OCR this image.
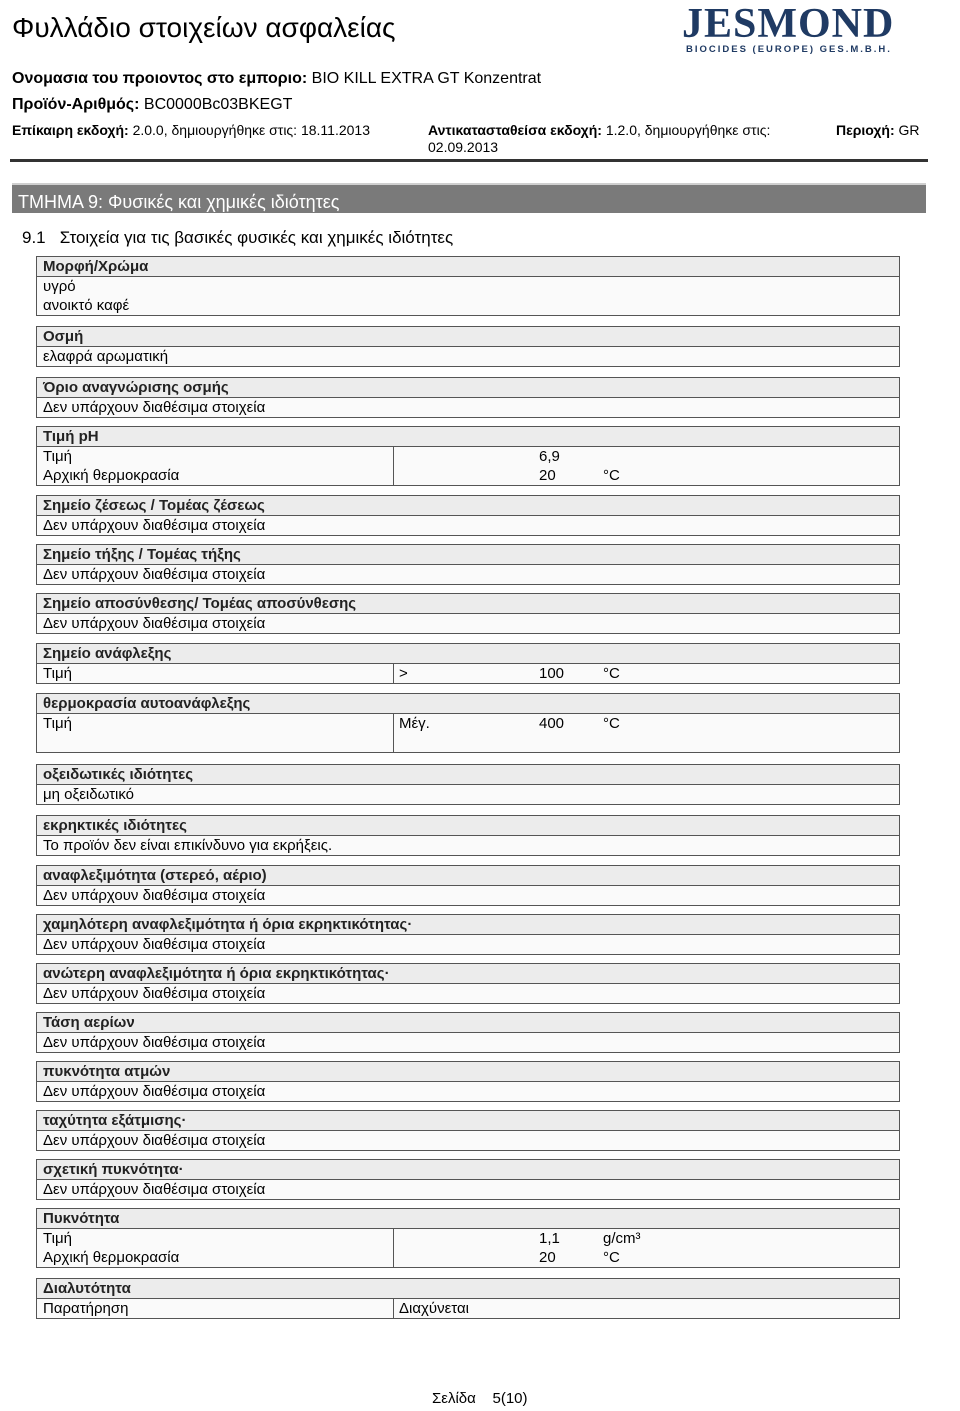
Φυλλάδιο στοιχείων ασφαλείας	JESMOND
BIOCIDES (EUROPE) GES.M.B.H.
Ονομασια του προιοντος στο εμποριο: BIO KILL EXTRA GT Konzentrat
Προϊόν-Αριθμός: BC0000Bc03BKEGT
Επίκαιρη εκδοχή: 2.0.0, δημιουργήθηκε στις: 18.11.2013	Αντικατασταθείσα εκδοχή: 1.2.0, δημιουργήθηκε στις:
02.09.2013
Περιοχή: GR
ΤΜΗΜΑ 9: Φυσικές και χημικές ιδιότητες
9.1   Στοιχεία για τις βασικές φυσικές και χημικές ιδιότητες
Μορφή/Χρώμα
υγρό
ανοικτό καφέ
Οσμή
ελαφρά αρωματική
Όριο αναγνώρισης οσμής
Δεν υπάρχουν διαθέσιμα στοιχεία
Τιμή pH
Τιμή	6,9
Αρχική θερμοκρασία	20	°C
Σημείο ζέσεως / Τομέας ζέσεως
Δεν υπάρχουν διαθέσιμα στοιχεία
Σημείο τήξης / Τομέας τήξης
Δεν υπάρχουν διαθέσιμα στοιχεία
Σημείο αποσύνθεσης/ Τομέας αποσύνθεσης
Δεν υπάρχουν διαθέσιμα στοιχεία
Σημείο ανάφλεξης
Τιμή	>	100	°C
θερμοκρασία αυτοανάφλεξης
Τιμή	Μέγ.	400	°C
οξειδωτικές ιδιότητες
μη οξειδωτικό
εκρηκτικές ιδιότητες
Το προϊόν δεν είναι επικίνδυνο για εκρήξεις.
αναφλεξιμότητα (στερεό, αέριο)
Δεν υπάρχουν διαθέσιμα στοιχεία
χαμηλότερη αναφλεξιμότητα ή όρια εκρηκτικότητας·
Δεν υπάρχουν διαθέσιμα στοιχεία
ανώτερη αναφλεξιμότητα ή όρια εκρηκτικότητας·
Δεν υπάρχουν διαθέσιμα στοιχεία
Τάση αερίων
Δεν υπάρχουν διαθέσιμα στοιχεία
πυκνότητα ατμών
Δεν υπάρχουν διαθέσιμα στοιχεία
ταχύτητα εξάτμισης·
Δεν υπάρχουν διαθέσιμα στοιχεία
σχετική πυκνότητα·
Δεν υπάρχουν διαθέσιμα στοιχεία
Πυκνότητα
Τιμή	1,1	g/cm³
Αρχική θερμοκρασία	20	°C
Διαλυτότητα
Παρατήρηση	Διαχύνεται
Σελίδα 5(10)
